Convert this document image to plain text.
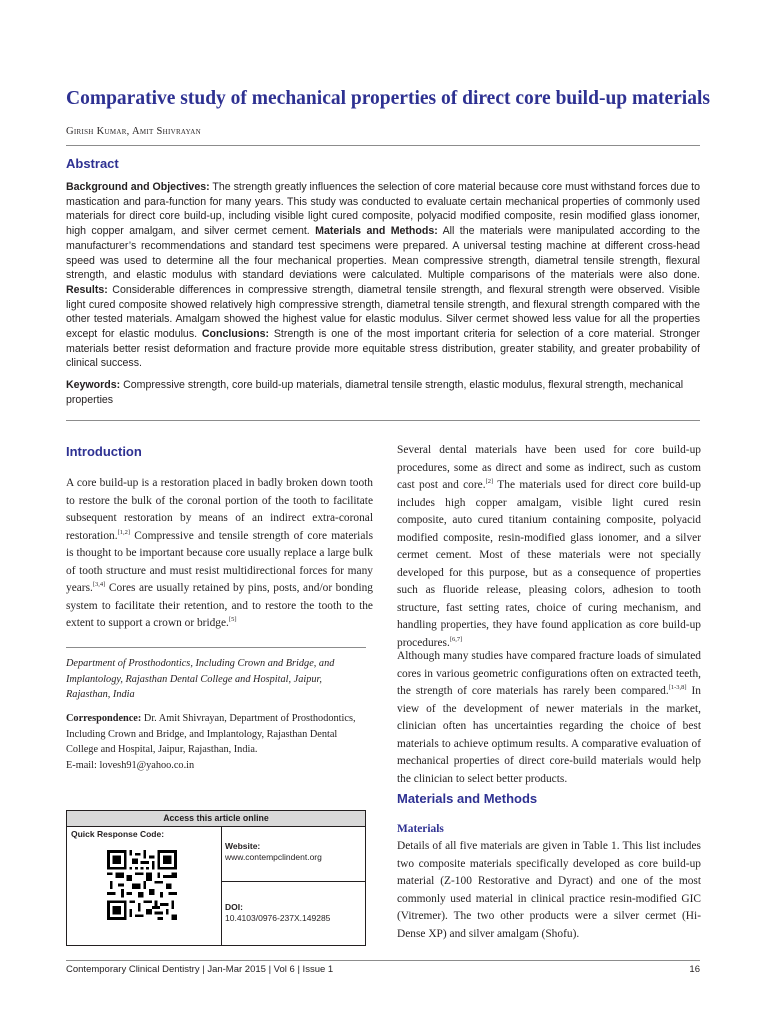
Comparative study of mechanical properties of direct core build-up materials
Girish Kumar, Amit Shivrayan
Abstract
Background and Objectives: The strength greatly influences the selection of core material because core must withstand forces due to mastication and para-function for many years. This study was conducted to evaluate certain mechanical properties of commonly used materials for direct core build-up, including visible light cured composite, polyacid modified composite, resin modified glass ionomer, high copper amalgam, and silver cermet cement. Materials and Methods: All the materials were manipulated according to the manufacturer’s recommendations and standard test specimens were prepared. A universal testing machine at different cross-head speed was used to determine all the four mechanical properties. Mean compressive strength, diametral tensile strength, flexural strength, and elastic modulus with standard deviations were calculated. Multiple comparisons of the materials were also done. Results: Considerable differences in compressive strength, diametral tensile strength, and flexural strength were observed. Visible light cured composite showed relatively high compressive strength, diametral tensile strength, and flexural strength compared with the other tested materials. Amalgam showed the highest value for elastic modulus. Silver cermet showed less value for all the properties except for elastic modulus. Conclusions: Strength is one of the most important criteria for selection of a core material. Stronger materials better resist deformation and fracture provide more equitable stress distribution, greater stability, and greater probability of clinical success.
Keywords: Compressive strength, core build-up materials, diametral tensile strength, elastic modulus, flexural strength, mechanical properties
Introduction
A core build-up is a restoration placed in badly broken down tooth to restore the bulk of the coronal portion of the tooth to facilitate subsequent restoration by means of an indirect extra-coronal restoration.[1,2] Compressive and tensile strength of core materials is thought to be important because core usually replace a large bulk of tooth structure and must resist multidirectional forces for many years.[3,4] Cores are usually retained by pins, posts, and/or bonding system to facilitate their retention, and to restore the tooth to the extent to support a crown or bridge.[5]
Department of Prosthodontics, Including Crown and Bridge, and Implantology, Rajasthan Dental College and Hospital, Jaipur, Rajasthan, India
Correspondence: Dr. Amit Shivrayan, Department of Prosthodontics, Including Crown and Bridge, and Implantology, Rajasthan Dental College and Hospital, Jaipur, Rajasthan, India.
E-mail: lovesh91@yahoo.co.in
Access this article online
Quick Response Code:
Website:
www.contempclindent.org
DOI:
10.4103/0976-237X.149285
Several dental materials have been used for core build-up procedures, some as direct and some as indirect, such as custom cast post and core.[2] The materials used for direct core build-up includes high copper amalgam, visible light cured resin composite, auto cured titanium containing composite, polyacid modified composite, resin-modified glass ionomer, and a silver cermet cement. Most of these materials were not specially developed for this purpose, but as a consequence of properties such as fluoride release, pleasing colors, adhesion to tooth structure, fast setting rates, choice of curing mechanism, and handling properties, they have found application as core build-up procedures.[6,7]
Although many studies have compared fracture loads of simulated cores in various geometric configurations often on extracted teeth, the strength of core materials has rarely been compared.[1-3,8] In view of the development of newer materials in the market, clinician often has uncertainties regarding the choice of best materials to achieve optimum results. A comparative evaluation of mechanical properties of direct core-build materials would help the clinician to select better products.
Materials and Methods
Materials
Details of all five materials are given in Table 1. This list includes two composite materials specifically developed as core build-up material (Z-100 Restorative and Dyract) and one of the most commonly used material in clinical practice resin-modified GIC (Vitremer). The two other products were a silver cermet (Hi-Dense XP) and silver amalgam (Shofu).
Contemporary Clinical Dentistry | Jan-Mar 2015 | Vol 6 | Issue 1	16
